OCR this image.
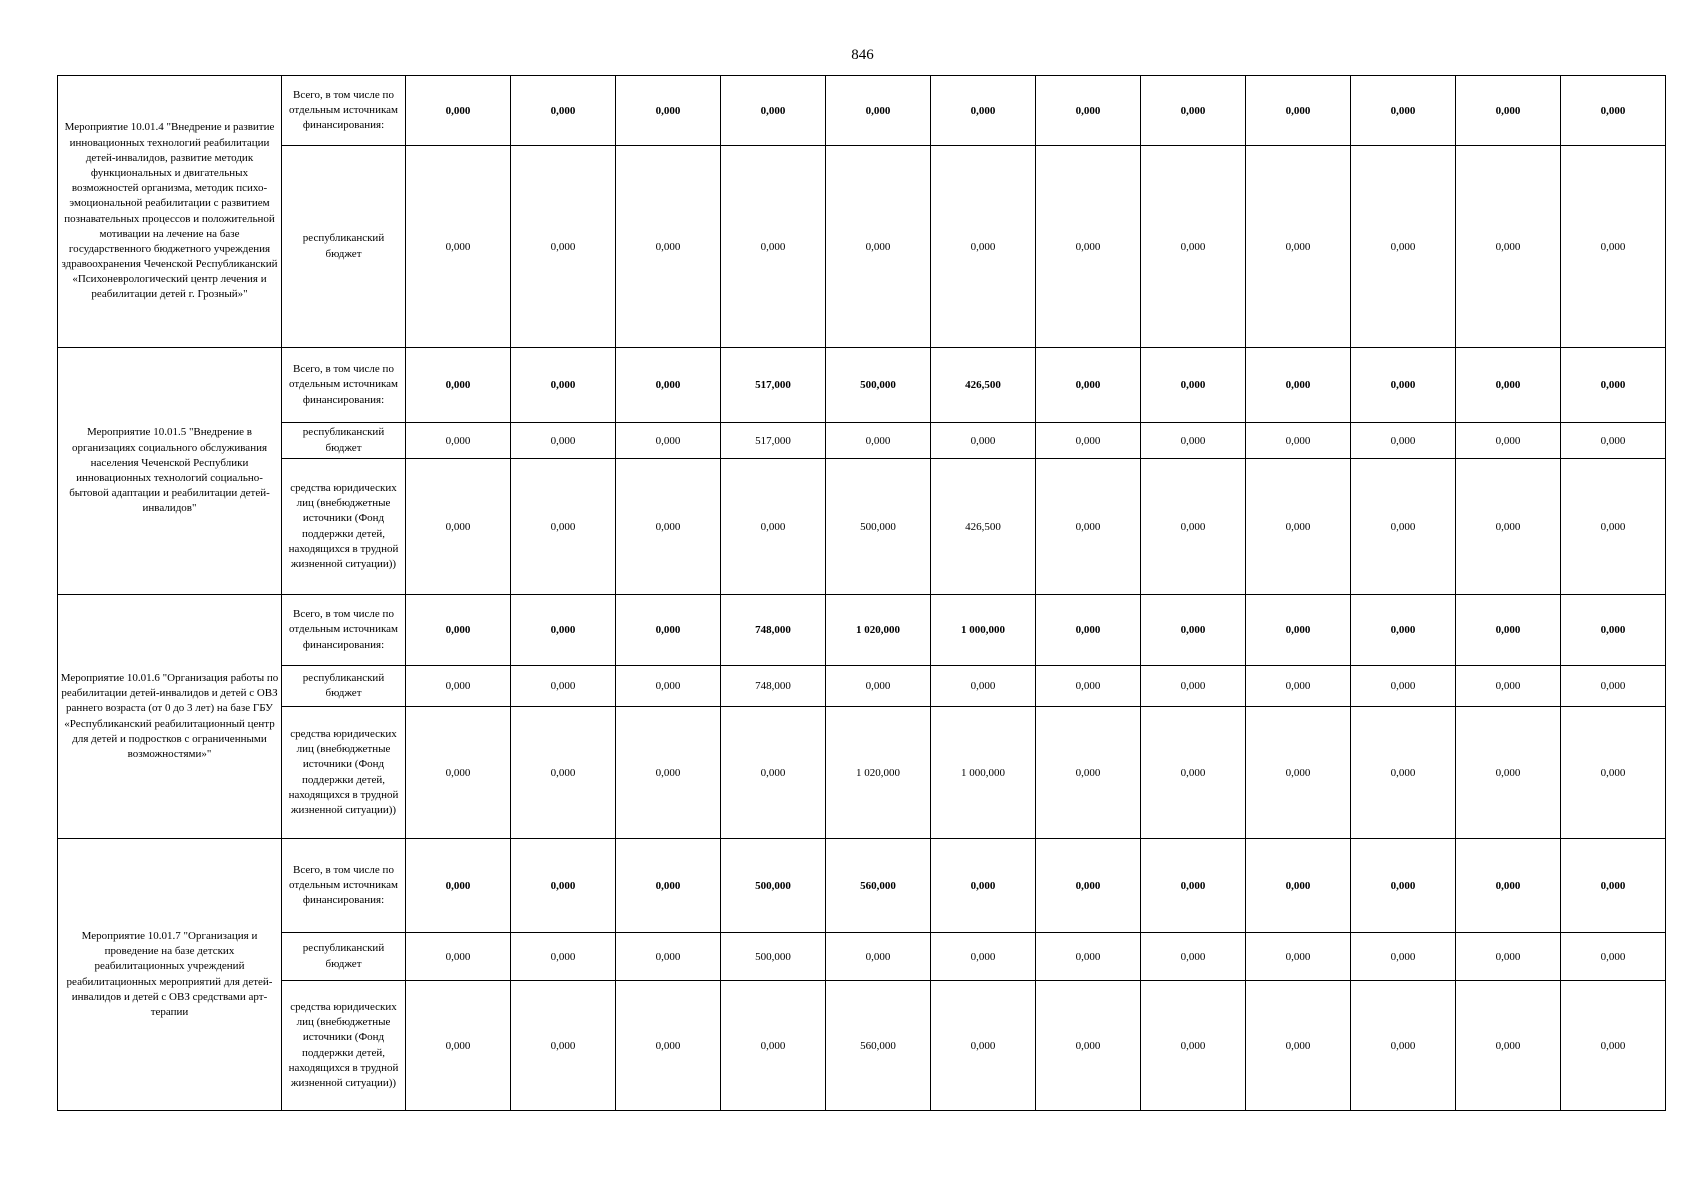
846
Мероприятие 10.01.4 "Внедрение и развитие инновационных технологий реабилитации детей-инвалидов, развитие методик функциональных и двигательных возможностей организма, методик психо-эмоциональной реабилитации с развитием познавательных процессов и положительной мотивации на лечение на базе государственного бюджетного учреждения здравоохранения Чеченской Республиканский «Психоневрологический центр лечения и реабилитации детей г. Грозный»"	Всего, в том числе по отдельным источникам финансирования:	0,000	0,000	0,000	0,000	0,000	0,000	0,000	0,000	0,000	0,000	0,000	0,000
	республиканский бюджет	0,000	0,000	0,000	0,000	0,000	0,000	0,000	0,000	0,000	0,000	0,000	0,000
Мероприятие 10.01.5 "Внедрение в организациях социального обслуживания населения Чеченской Республики инновационных технологий социально-бытовой адаптации и реабилитации детей-инвалидов"	Всего, в том числе по отдельным источникам финансирования:	0,000	0,000	0,000	517,000	500,000	426,500	0,000	0,000	0,000	0,000	0,000	0,000
	республиканский бюджет	0,000	0,000	0,000	517,000	0,000	0,000	0,000	0,000	0,000	0,000	0,000	0,000
	средства юридических лиц (внебюджетные источники (Фонд поддержки детей, находящихся в трудной жизненной ситуации))	0,000	0,000	0,000	0,000	500,000	426,500	0,000	0,000	0,000	0,000	0,000	0,000
Мероприятие 10.01.6 "Организация работы по реабилитации детей-инвалидов и детей с ОВЗ раннего возраста (от 0 до 3 лет) на базе ГБУ «Республиканский реабилитационный центр для детей и подростков с ограниченными возможностями»"	Всего, в том числе по отдельным источникам финансирования:	0,000	0,000	0,000	748,000	1 020,000	1 000,000	0,000	0,000	0,000	0,000	0,000	0,000
	республиканский бюджет	0,000	0,000	0,000	748,000	0,000	0,000	0,000	0,000	0,000	0,000	0,000	0,000
	средства юридических лиц (внебюджетные источники (Фонд поддержки детей, находящихся в трудной жизненной ситуации))	0,000	0,000	0,000	0,000	1 020,000	1 000,000	0,000	0,000	0,000	0,000	0,000	0,000
Мероприятие 10.01.7 "Организация и проведение на базе детских реабилитационных учреждений реабилитационных мероприятий для детей-инвалидов и детей с ОВЗ средствами арт-терапии	Всего, в том числе по отдельным источникам финансирования:	0,000	0,000	0,000	500,000	560,000	0,000	0,000	0,000	0,000	0,000	0,000	0,000
	республиканский бюджет	0,000	0,000	0,000	500,000	0,000	0,000	0,000	0,000	0,000	0,000	0,000	0,000
	средства юридических лиц (внебюджетные источники (Фонд поддержки детей, находящихся в трудной жизненной ситуации))	0,000	0,000	0,000	0,000	560,000	0,000	0,000	0,000	0,000	0,000	0,000	0,000
